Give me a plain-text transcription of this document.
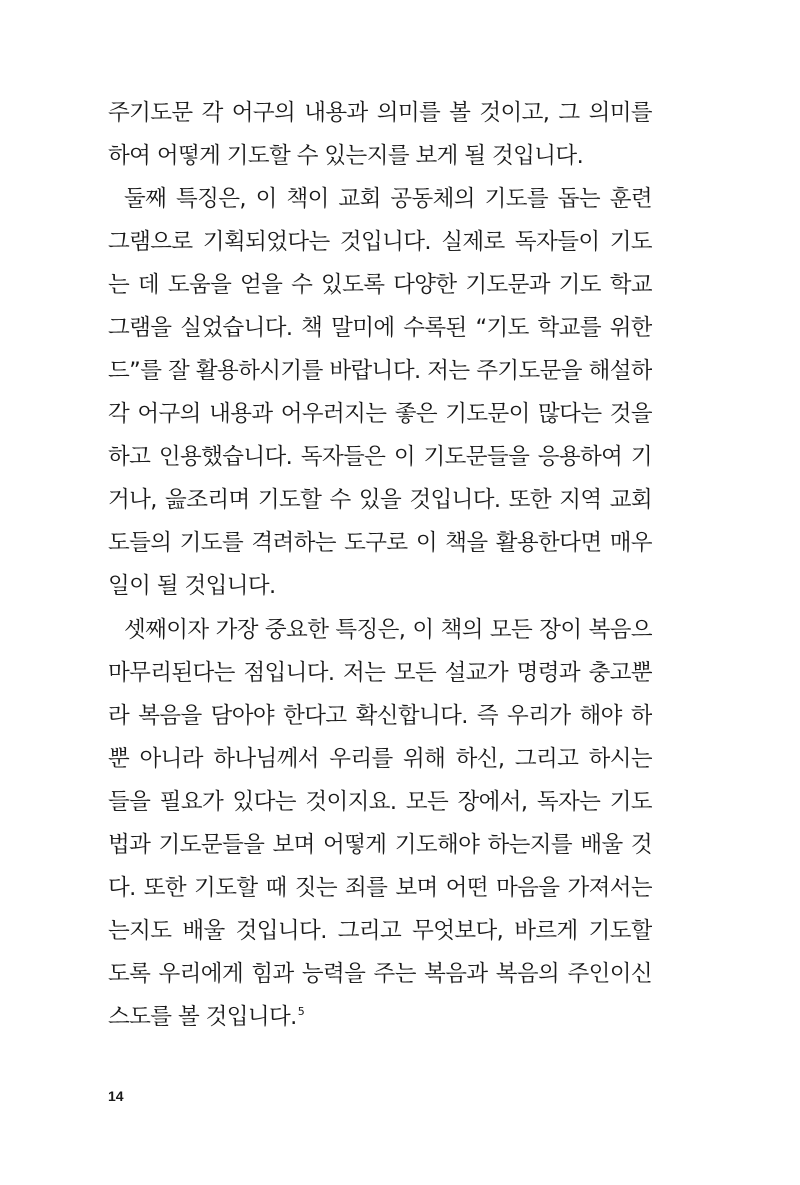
주기도문 각 어구의 내용과 의미를 볼 것이고, 그 의미를
하여 어떻게 기도할 수 있는지를 보게 될 것입니다.
둘째 특징은, 이 책이 교회 공동체의 기도를 돕는 훈련
그램으로 기획되었다는 것입니다. 실제로 독자들이 기도
는 데 도움을 얻을 수 있도록 다양한 기도문과 기도 학교
그램을 실었습니다. 책 말미에 수록된 “기도 학교를 위한
드”를 잘 활용하시기를 바랍니다. 저는 주기도문을 해설하
각 어구의 내용과 어우러지는 좋은 기도문이 많다는 것을
하고 인용했습니다. 독자들은 이 기도문들을 응용하여 기
거나, 읊조리며 기도할 수 있을 것입니다. 또한 지역 교회
도들의 기도를 격려하는 도구로 이 책을 활용한다면 매우
일이 될 것입니다.
셋째이자 가장 중요한 특징은, 이 책의 모든 장이 복음으
마무리된다는 점입니다. 저는 모든 설교가 명령과 충고뿐
라 복음을 담아야 한다고 확신합니다. 즉 우리가 해야 하
뿐 아니라 하나님께서 우리를 위해 하신, 그리고 하시는
들을 필요가 있다는 것이지요. 모든 장에서, 독자는 기도
법과 기도문들을 보며 어떻게 기도해야 하는지를 배울 것
다. 또한 기도할 때 짓는 죄를 보며 어떤 마음을 가져서는
는지도 배울 것입니다. 그리고 무엇보다, 바르게 기도할
도록 우리에게 힘과 능력을 주는 복음과 복음의 주인이신
스도를 볼 것입니다.$^5$
14
